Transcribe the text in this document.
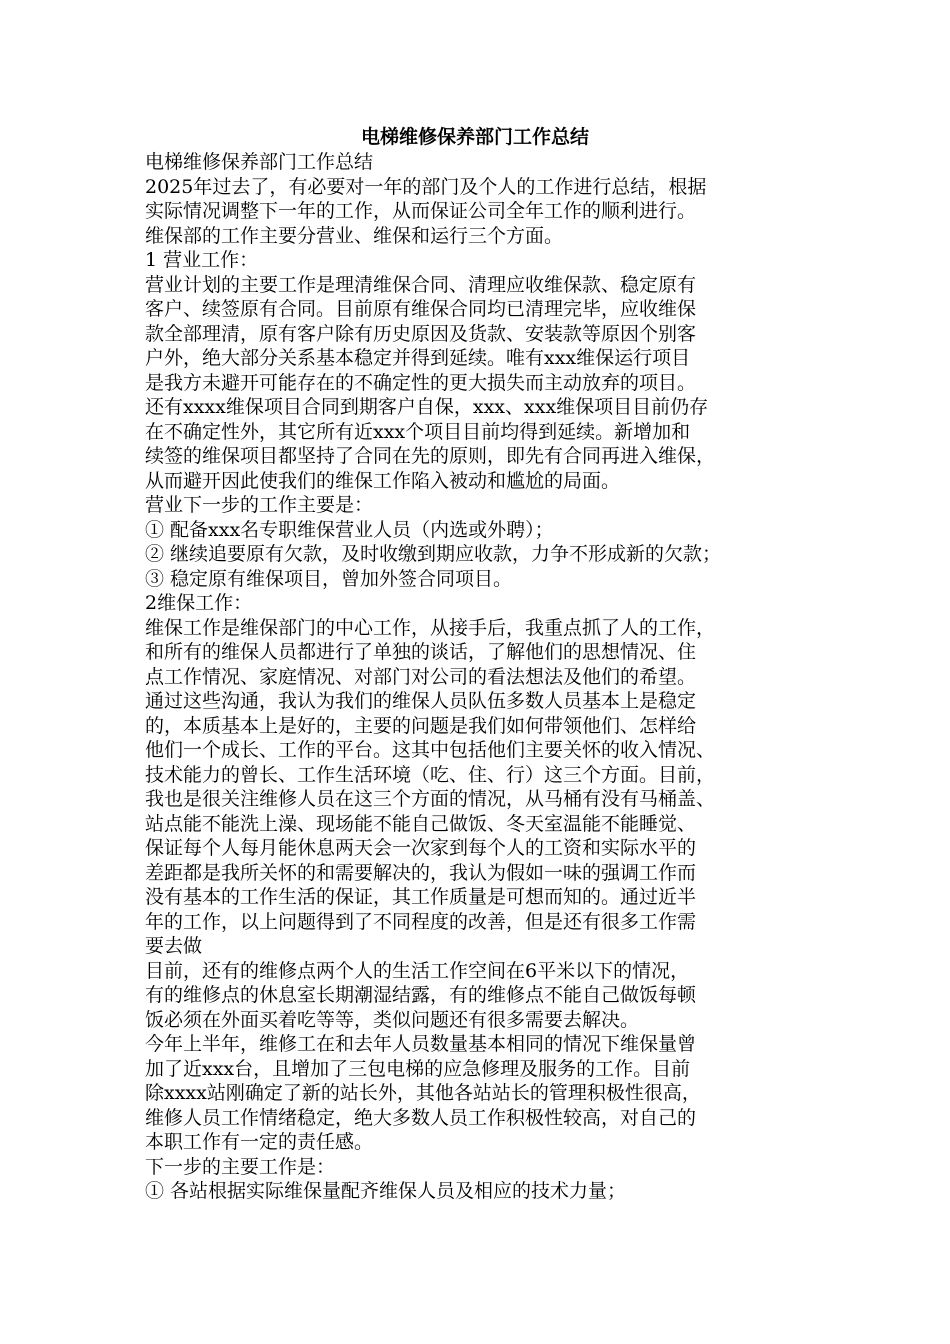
电梯维修保养部门工作总结
电梯维修保养部门工作总结
2025年过去了，有必要对一年的部门及个人的工作进行总结，根据
实际情况调整下一年的工作，从而保证公司全年工作的顺利进行。
维保部的工作主要分营业、维保和运行三个方面。
1 营业工作：
营业计划的主要工作是理清维保合同、清理应收维保款、稳定原有
客户、续签原有合同。目前原有维保合同均已清理完毕，应收维保
款全部理清，原有客户除有历史原因及货款、安装款等原因个别客
户外，绝大部分关系基本稳定并得到延续。唯有xxx维保运行项目
是我方未避开可能存在的不确定性的更大损失而主动放弃的项目。
还有xxxx维保项目合同到期客户自保，xxx、xxx维保项目目前仍存
在不确定性外，其它所有近xxx个项目目前均得到延续。新增加和
续签的维保项目都坚持了合同在先的原则，即先有合同再进入维保，
从而避开因此使我们的维保工作陷入被动和尴尬的局面。
营业下一步的工作主要是：
① 配备xxx名专职维保营业人员（内选或外聘）；
② 继续追要原有欠款，及时收缴到期应收款，力争不形成新的欠款；
③ 稳定原有维保项目，曾加外签合同项目。
2维保工作：
维保工作是维保部门的中心工作，从接手后，我重点抓了人的工作，
和所有的维保人员都进行了单独的谈话，了解他们的思想情况、住
点工作情况、家庭情况、对部门对公司的看法想法及他们的希望。
通过这些沟通，我认为我们的维保人员队伍多数人员基本上是稳定
的，本质基本上是好的，主要的问题是我们如何带领他们、怎样给
他们一个成长、工作的平台。这其中包括他们主要关怀的收入情况、
技术能力的曾长、工作生活环境（吃、住、行）这三个方面。目前，
我也是很关注维修人员在这三个方面的情况，从马桶有没有马桶盖、
站点能不能洗上澡、现场能不能自己做饭、冬天室温能不能睡觉、
保证每个人每月能休息两天会一次家到每个人的工资和实际水平的
差距都是我所关怀的和需要解决的，我认为假如一味的强调工作而
没有基本的工作生活的保证，其工作质量是可想而知的。通过近半
年的工作，以上问题得到了不同程度的改善，但是还有很多工作需
要去做
目前，还有的维修点两个人的生活工作空间在6平米以下的情况，
有的维修点的休息室长期潮湿结露，有的维修点不能自己做饭每顿
饭必须在外面买着吃等等，类似问题还有很多需要去解决。
今年上半年，维修工在和去年人员数量基本相同的情况下维保量曾
加了近xxx台，且增加了三包电梯的应急修理及服务的工作。目前
除xxxx站刚确定了新的站长外，其他各站站长的管理积极性很高，
维修人员工作情绪稳定，绝大多数人员工作积极性较高，对自己的
本职工作有一定的责任感。
下一步的主要工作是：
① 各站根据实际维保量配齐维保人员及相应的技术力量；
